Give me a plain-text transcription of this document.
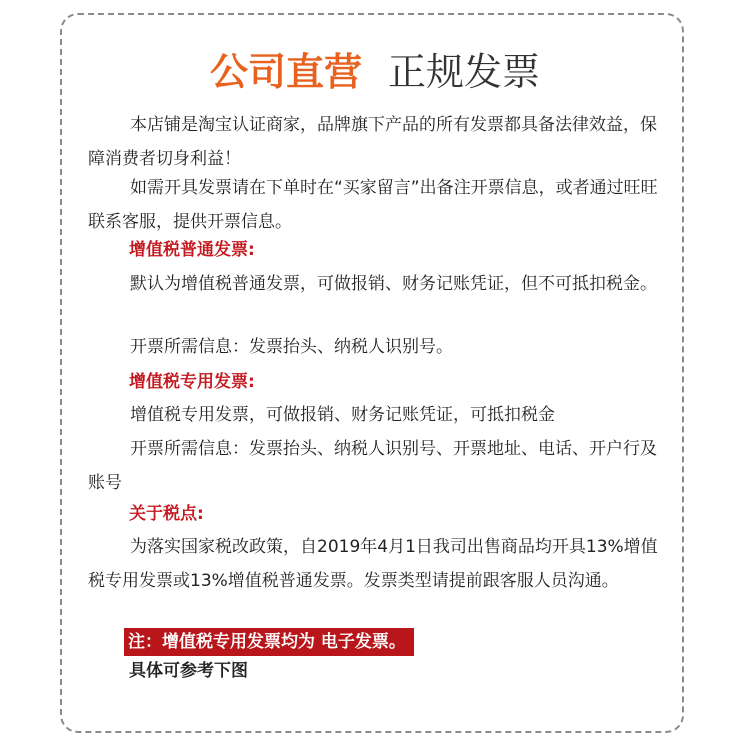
公司直营 正规发票

本店铺是淘宝认证商家，品牌旗下产品的所有发票都具备法律效益，保障消费者切身利益！

如需开具发票请在下单时在“买家留言”出备注开票信息，或者通过旺旺联系客服，提供开票信息。

增值税普通发票:

默认为增值税普通发票，可做报销、财务记账凭证，但不可抵扣税金。

开票所需信息：发票抬头、纳税人识别号。

增值税专用发票:

增值税专用发票，可做报销、财务记账凭证，可抵扣税金

开票所需信息：发票抬头、纳税人识别号、开票地址、电话、开户行及账号

关于税点:

为落实国家税改政策，自2019年4月1日我司出售商品均开具13%增值税专用发票或13%增值税普通发票。发票类型请提前跟客服人员沟通。

注：增值税专用发票均为 电子发票。

具体可参考下图
